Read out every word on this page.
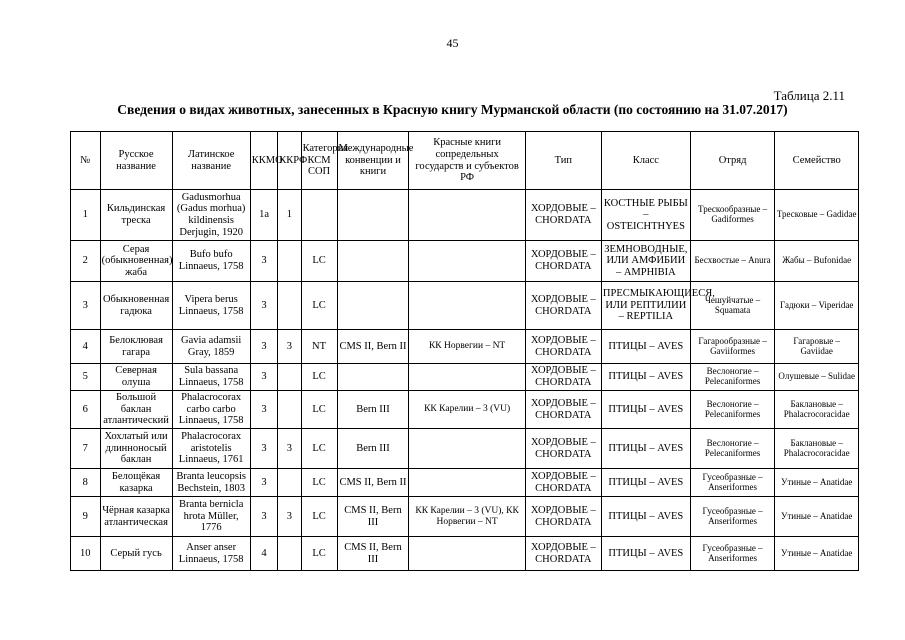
45
Таблица 2.11
Сведения о видах животных, занесенных в Красную книгу Мурманской области (по состоянию на 31.07.2017)
№	Русское название	Латинское название	ККМО	ККРФ	Категория КСМ СОП	Международные конвенции и книги	Красные книги сопредельных государств и субъектов РФ	Тип	Класс	Отряд	Семейство
1	Кильдинская треска	Gadusmorhua (Gadus morhua) kildinensis Derjugin, 1920	1а	1				ХОРДОВЫЕ – CHORDATA	КОСТНЫЕ РЫБЫ – OSTEICHTHYES	Трескообразные – Gadiformes	Тресковые – Gadidae
2	Серая (обыкновенная) жаба	Bufo bufo Linnaeus, 1758	3		LC			ХОРДОВЫЕ – CHORDATA	ЗЕМНОВОДНЫЕ, ИЛИ АМФИБИИ – AMPHIBIA	Бесхвостые – Anura	Жабы – Bufonidae
3	Обыкновенная гадюка	Vipera berus Linnaeus, 1758	3		LC			ХОРДОВЫЕ – CHORDATA	ПРЕСМЫКАЮЩИЕСЯ, ИЛИ РЕПТИЛИИ – REPTILIA	Чешуйчатые – Squamata	Гадюки – Viperidae
4	Белоклювая гагара	Gavia adamsii Gray, 1859	3	3	NT	CMS II, Bern II	КК Норвегии – NT	ХОРДОВЫЕ – CHORDATA	ПТИЦЫ – AVES	Гагарообразные – Gaviiformes	Гагаровые – Gaviidae
5	Северная олуша	Sula bassana Linnaeus, 1758	3		LC			ХОРДОВЫЕ – CHORDATA	ПТИЦЫ – AVES	Веслоногие – Pelecaniformes	Олушевые – Sulidae
6	Большой баклан атлантический	Phalacrocorax carbo carbo Linnaeus, 1758	3		LC	Bern III	КК Карелии – 3 (VU)	ХОРДОВЫЕ – CHORDATA	ПТИЦЫ – AVES	Веслоногие – Pelecaniformes	Баклановые – Phalacrocoracidae
7	Хохлатый или длинноносый баклан	Phalacrocorax aristotelis Linnaeus, 1761	3	3	LC	Bern III		ХОРДОВЫЕ – CHORDATA	ПТИЦЫ – AVES	Веслоногие – Pelecaniformes	Баклановые – Phalacrocoracidae
8	Белощёкая казарка	Branta leucopsis Bechstein, 1803	3		LC	CMS II, Bern II		ХОРДОВЫЕ – CHORDATA	ПТИЦЫ – AVES	Гусеобразные – Anseriformes	Утиные – Anatidae
9	Чёрная казарка атлантическая	Branta bernicla hrota Müller, 1776	3	3	LC	CMS II, Bern III	КК Карелии – 3 (VU), КК Норвегии – NT	ХОРДОВЫЕ – CHORDATA	ПТИЦЫ – AVES	Гусеобразные – Anseriformes	Утиные – Anatidae
10	Серый гусь	Anser anser Linnaeus, 1758	4		LC	CMS II, Bern III		ХОРДОВЫЕ – CHORDATA	ПТИЦЫ – AVES	Гусеобразные – Anseriformes	Утиные – Anatidae
